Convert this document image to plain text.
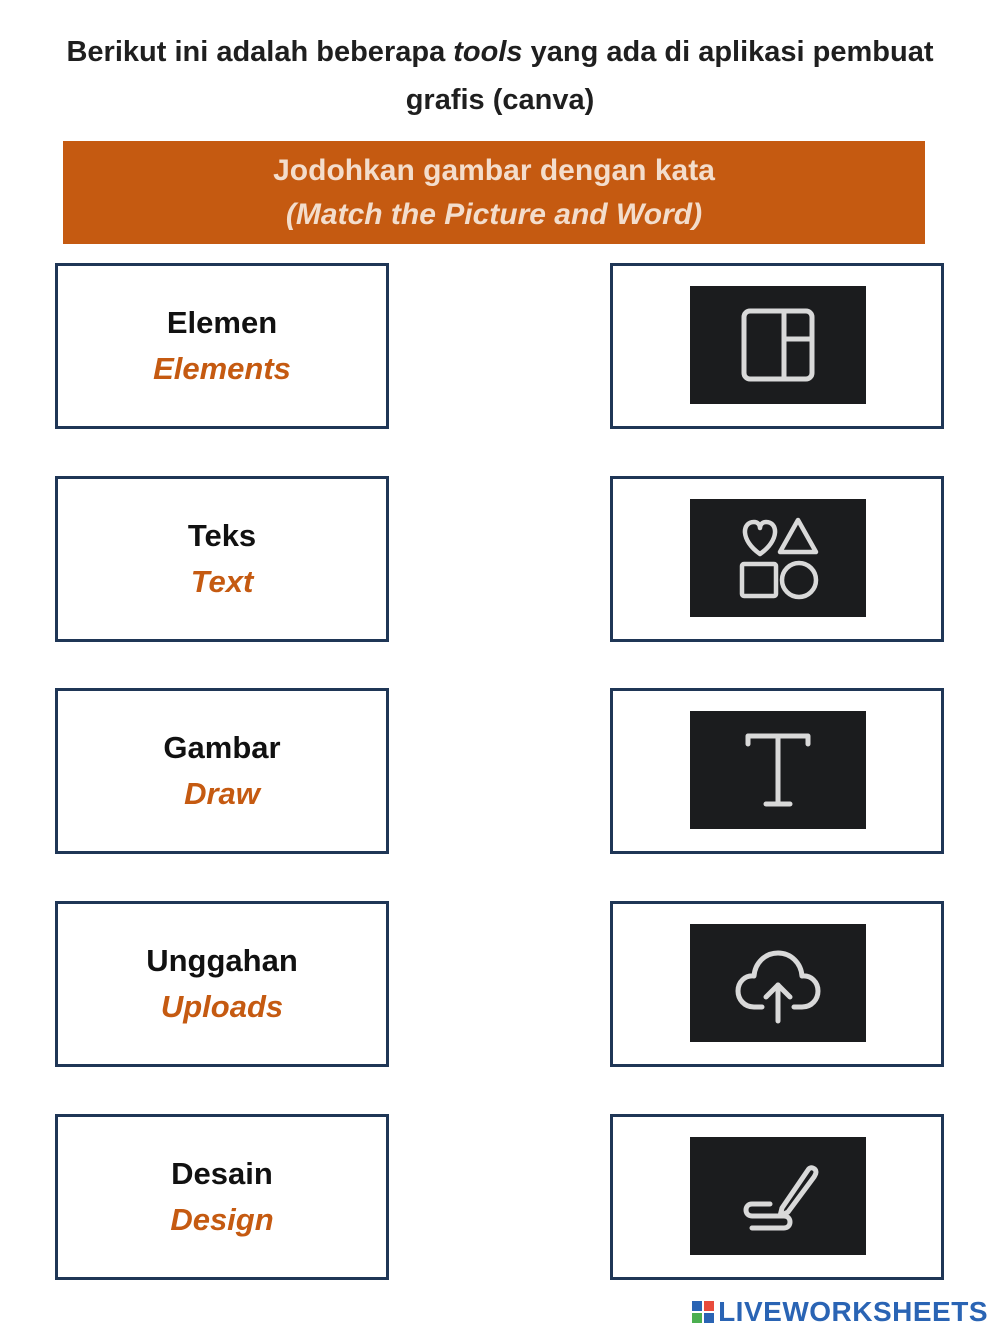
Berikut ini adalah beberapa tools yang ada di aplikasi pembuat grafis (canva)
Jodohkan gambar dengan kata
(Match the Picture and Word)
Elemen
Elements
Teks
Text
Gambar
Draw
Unggahan
Uploads
Desain
Design
LIVEWORKSHEETS
